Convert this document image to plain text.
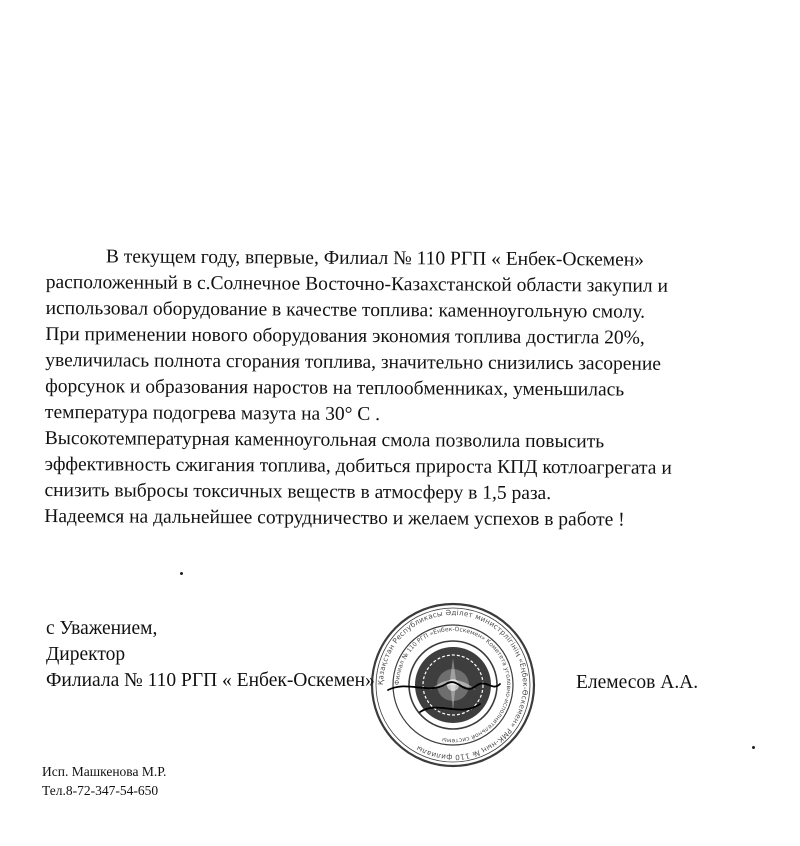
В текущем году, впервые, Филиал № 110 РГП « Енбек-Оскемен»
расположенный в с.Солнечное Восточно-Казахстанской области закупил и
использовал оборудование в качестве топлива: каменноугольную смолу.
При применении нового оборудования экономия топлива достигла 20%,
увеличилась полнота сгорания топлива, значительно снизились засорение
форсунок и образования наростов на теплообменниках, уменьшилась
температура подогрева мазута на 30° С .
Высокотемпературная каменноугольная смола позволила повысить
эффективность сжигания топлива, добиться прироста КПД котлоагрегата и
снизить выбросы токсичных веществ в атмосферу в 1,5 раза.
Надеемся на дальнейшее сотрудничество и желаем успехов в работе !
с Уважением,
Директор
Филиала № 110 РГП « Енбек-Оскемен» Қазақстан Республикасы Әділет министрлігінің «Еңбек-Өскемен» РМК-ның № 110 филиалы
Филиал № 110 РГП «Енбек-Оскемен» Комитета уголовно-исполнительной системы
Елемесов А.А.
Исп. Машкенова М.Р.
Тел.8-72-347-54-650
